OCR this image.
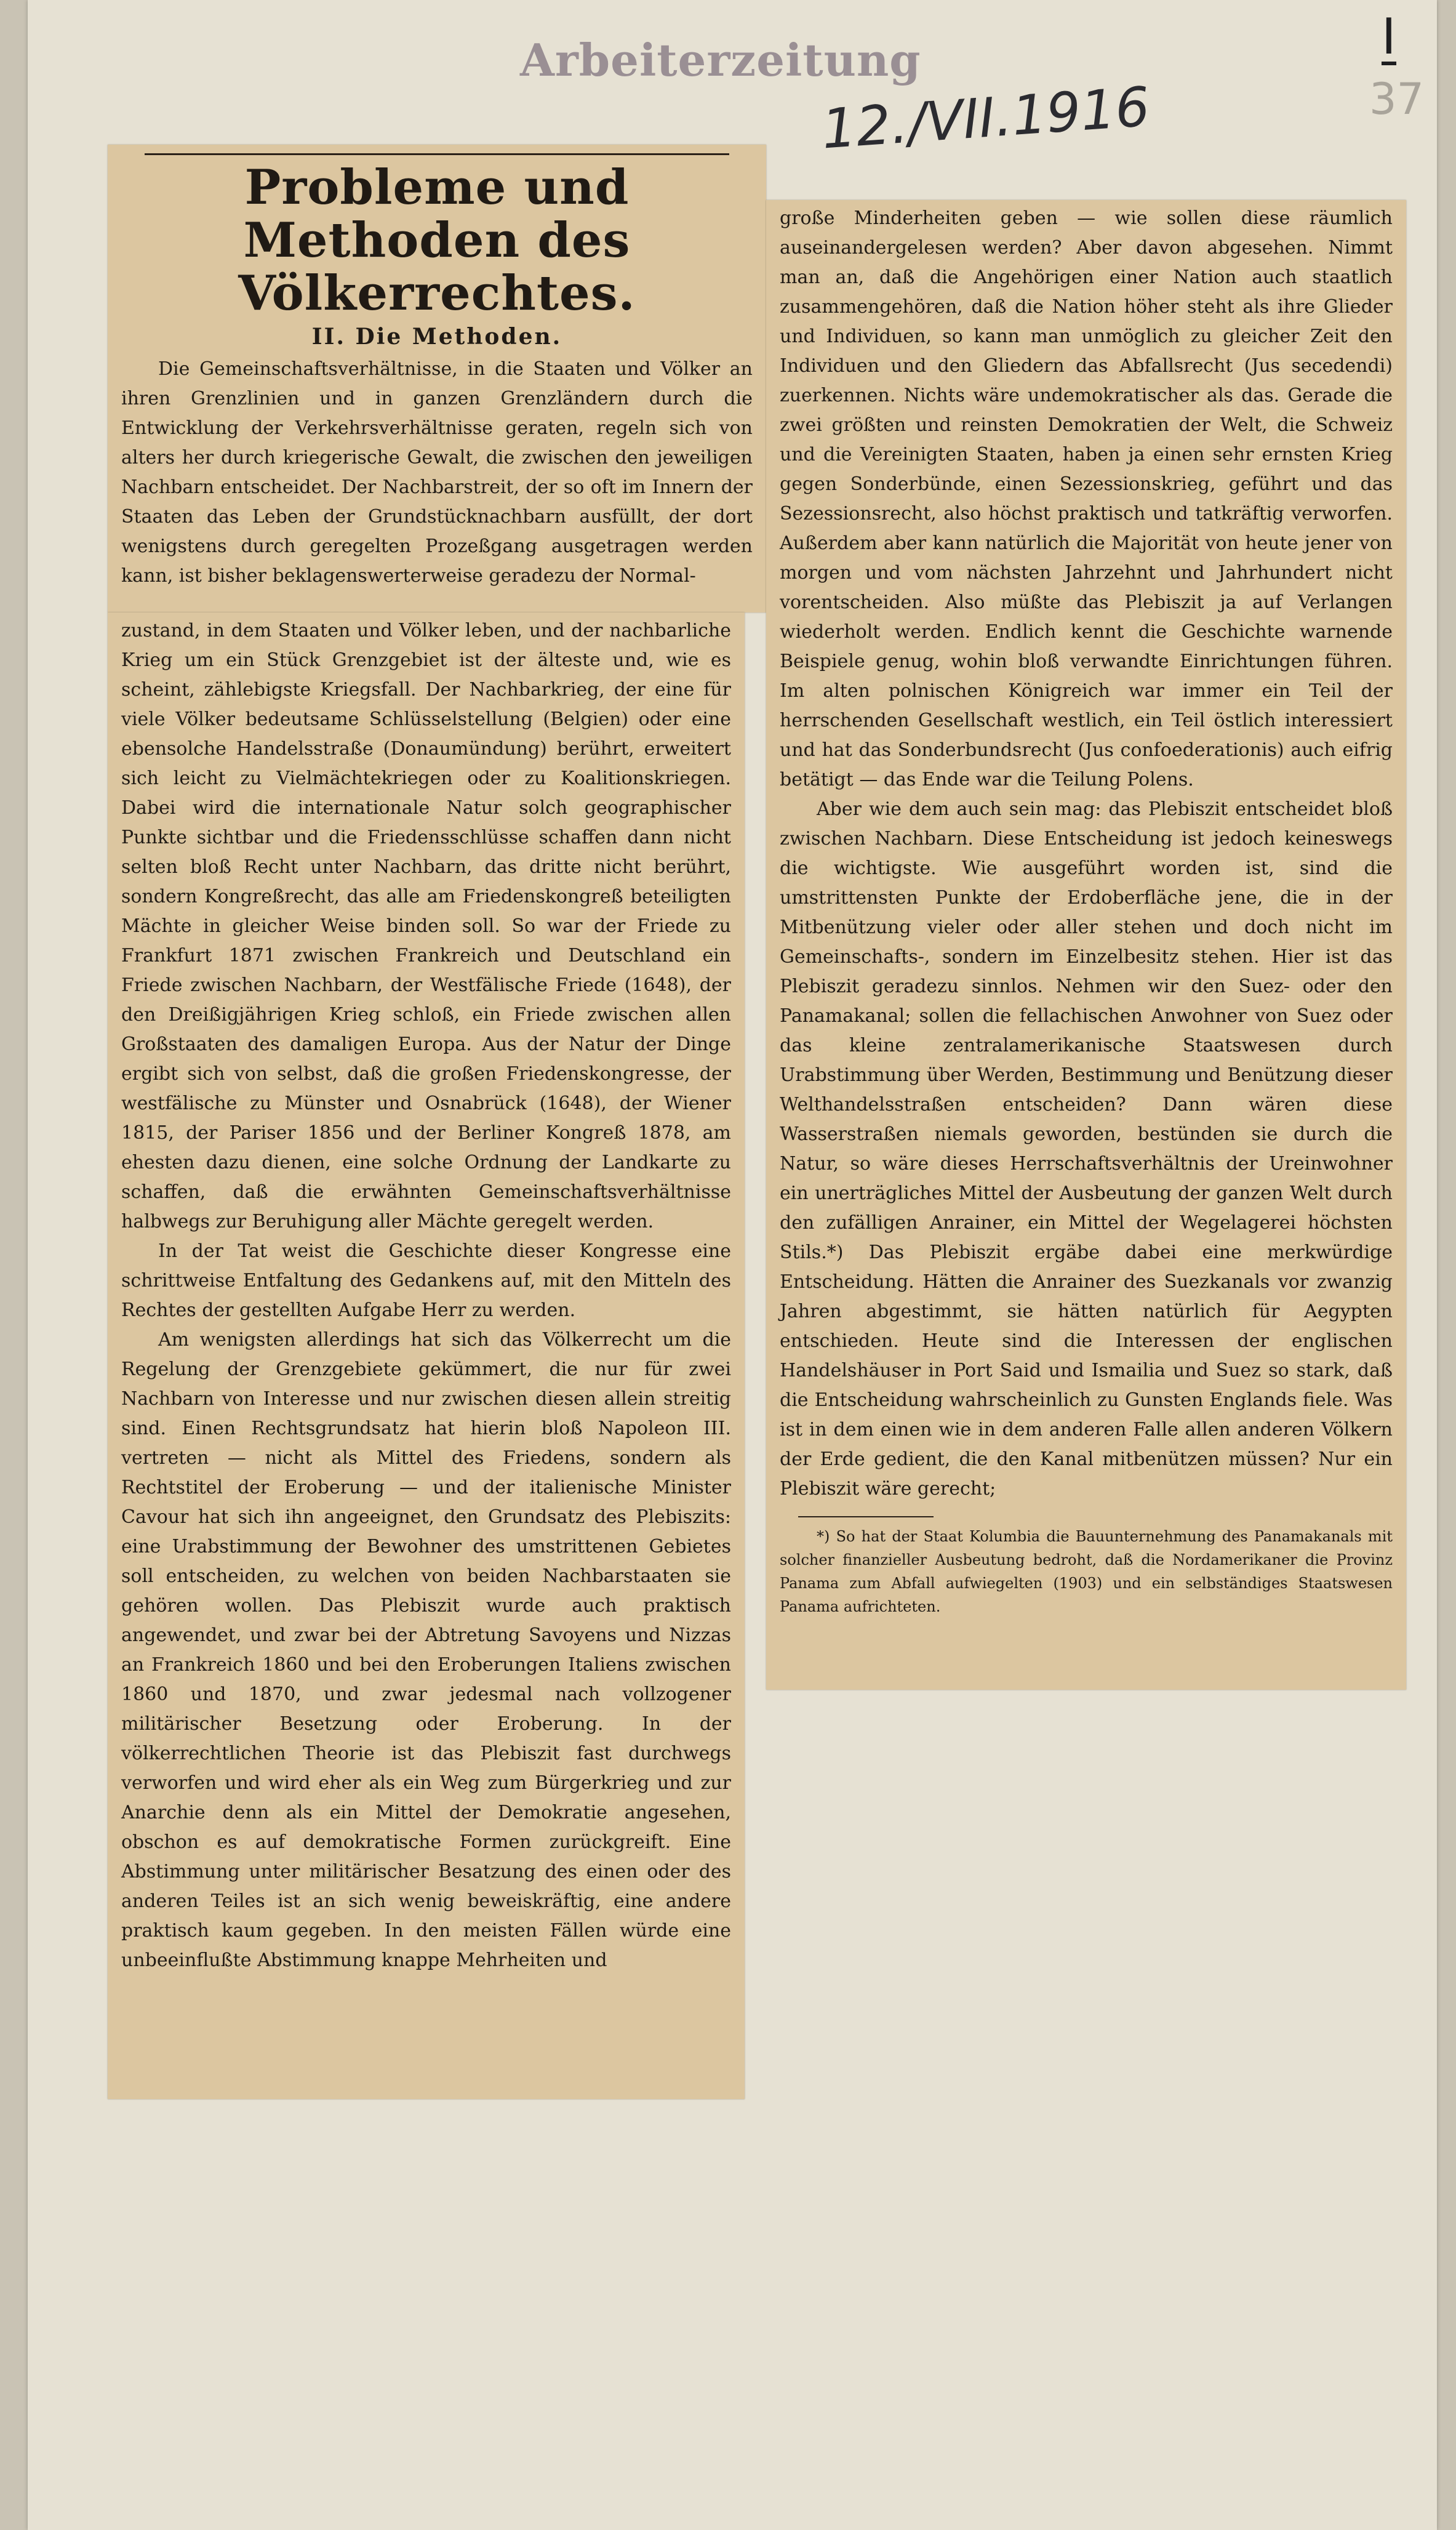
Arbeiterzeitung
12./VII.1916
I
37
Probleme und Methoden des Völkerrechtes.
II. Die Methoden.

Die Gemeinschaftsverhältnisse, in die Staaten und Völker an ihren Grenzlinien und in ganzen Grenzländern durch die Entwicklung der Verkehrsverhältnisse geraten, regeln sich von alters her durch kriegerische Gewalt, die zwischen den jeweiligen Nachbarn entscheidet. Der Nachbarstreit, der so oft im Innern der Staaten das Leben der Grundstücknachbarn ausfüllt, der dort wenigstens durch geregelten Prozeßgang ausgetragen werden kann, ist bisher beklagenswerterweise geradezu der Normal-

zustand, in dem Staaten und Völker leben, und der nachbarliche Krieg um ein Stück Grenzgebiet ist der älteste und, wie es scheint, zählebigste Kriegsfall. Der Nachbarkrieg, der eine für viele Völker bedeutsame Schlüsselstellung (Belgien) oder eine ebensolche Handelsstraße (Donaumündung) berührt, erweitert sich leicht zu Vielmächtekriegen oder zu Koalitionskriegen. Dabei wird die internationale Natur solch geographischer Punkte sichtbar und die Friedensschlüsse schaffen dann nicht selten bloß Recht unter Nachbarn, das dritte nicht berührt, sondern Kongreßrecht, das alle am Friedenskongreß beteiligten Mächte in gleicher Weise binden soll. So war der Friede zu Frankfurt 1871 zwischen Frankreich und Deutschland ein Friede zwischen Nachbarn, der Westfälische Friede (1648), der den Dreißigjährigen Krieg schloß, ein Friede zwischen allen Großstaaten des damaligen Europa. Aus der Natur der Dinge ergibt sich von selbst, daß die großen Friedenskongresse, der westfälische zu Münster und Osnabrück (1648), der Wiener 1815, der Pariser 1856 und der Berliner Kongreß 1878, am ehesten dazu dienen, eine solche Ordnung der Landkarte zu schaffen, daß die erwähnten Gemeinschaftsverhältnisse halbwegs zur Beruhigung aller Mächte geregelt werden.

In der Tat weist die Geschichte dieser Kongresse eine schrittweise Entfaltung des Gedankens auf, mit den Mitteln des Rechtes der gestellten Aufgabe Herr zu werden.

Am wenigsten allerdings hat sich das Völkerrecht um die Regelung der Grenzgebiete gekümmert, die nur für zwei Nachbarn von Interesse und nur zwischen diesen allein streitig sind. Einen Rechtsgrundsatz hat hierin bloß Napoleon III. vertreten — nicht als Mittel des Friedens, sondern als Rechtstitel der Eroberung — und der italienische Minister Cavour hat sich ihn angeeignet, den Grundsatz des Plebiszits: eine Urabstimmung der Bewohner des umstrittenen Gebietes soll entscheiden, zu welchen von beiden Nachbarstaaten sie gehören wollen. Das Plebiszit wurde auch praktisch angewendet, und zwar bei der Abtretung Savoyens und Nizzas an Frankreich 1860 und bei den Eroberungen Italiens zwischen 1860 und 1870, und zwar jedesmal nach vollzogener militärischer Besetzung oder Eroberung. In der völkerrechtlichen Theorie ist das Plebiszit fast durchwegs verworfen und wird eher als ein Weg zum Bürgerkrieg und zur Anarchie denn als ein Mittel der Demokratie angesehen, obschon es auf demokratische Formen zurückgreift. Eine Abstimmung unter militärischer Besatzung des einen oder des anderen Teiles ist an sich wenig beweiskräftig, eine andere praktisch kaum gegeben. In den meisten Fällen würde eine unbeeinflußte Abstimmung knappe Mehrheiten und

große Minderheiten geben — wie sollen diese räumlich auseinandergelesen werden? Aber davon abgesehen. Nimmt man an, daß die Angehörigen einer Nation auch staatlich zusammengehören, daß die Nation höher steht als ihre Glieder und Individuen, so kann man unmöglich zu gleicher Zeit den Individuen und den Gliedern das Abfallsrecht (Jus secedendi) zuerkennen. Nichts wäre undemokratischer als das. Gerade die zwei größten und reinsten Demokratien der Welt, die Schweiz und die Vereinigten Staaten, haben ja einen sehr ernsten Krieg gegen Sonderbünde, einen Sezessionskrieg, geführt und das Sezessionsrecht, also höchst praktisch und tatkräftig verworfen. Außerdem aber kann natürlich die Majorität von heute jener von morgen und vom nächsten Jahrzehnt und Jahrhundert nicht vorentscheiden. Also müßte das Plebiszit ja auf Verlangen wiederholt werden. Endlich kennt die Geschichte warnende Beispiele genug, wohin bloß verwandte Einrichtungen führen. Im alten polnischen Königreich war immer ein Teil der herrschenden Gesellschaft westlich, ein Teil östlich interessiert und hat das Sonderbundsrecht (Jus confoederationis) auch eifrig betätigt — das Ende war die Teilung Polens.

Aber wie dem auch sein mag: das Plebiszit entscheidet bloß zwischen Nachbarn. Diese Entscheidung ist jedoch keineswegs die wichtigste. Wie ausgeführt worden ist, sind die umstrittensten Punkte der Erdoberfläche jene, die in der Mitbenützung vieler oder aller stehen und doch nicht im Gemeinschafts-, sondern im Einzelbesitz stehen. Hier ist das Plebiszit geradezu sinnlos. Nehmen wir den Suez- oder den Panamakanal; sollen die fellachischen Anwohner von Suez oder das kleine zentralamerikanische Staatswesen durch Urabstimmung über Werden, Bestimmung und Benützung dieser Welthandelsstraßen entscheiden? Dann wären diese Wasserstraßen niemals geworden, bestünden sie durch die Natur, so wäre dieses Herrschaftsverhältnis der Ureinwohner ein unerträgliches Mittel der Ausbeutung der ganzen Welt durch den zufälligen Anrainer, ein Mittel der Wegelagerei höchsten Stils.*) Das Plebiszit ergäbe dabei eine merkwürdige Entscheidung. Hätten die Anrainer des Suezkanals vor zwanzig Jahren abgestimmt, sie hätten natürlich für Aegypten entschieden. Heute sind die Interessen der englischen Handelshäuser in Port Said und Ismailia und Suez so stark, daß die Entscheidung wahrscheinlich zu Gunsten Englands fiele. Was ist in dem einen wie in dem anderen Falle allen anderen Völkern der Erde gedient, die den Kanal mitbenützen müssen? Nur ein Plebiszit wäre gerecht;

*) So hat der Staat Kolumbia die Bauunternehmung des Panamakanals mit solcher finanzieller Ausbeutung bedroht, daß die Nordamerikaner die Provinz Panama zum Abfall aufwiegelten (1903) und ein selbständiges Staatswesen Panama aufrichteten.
